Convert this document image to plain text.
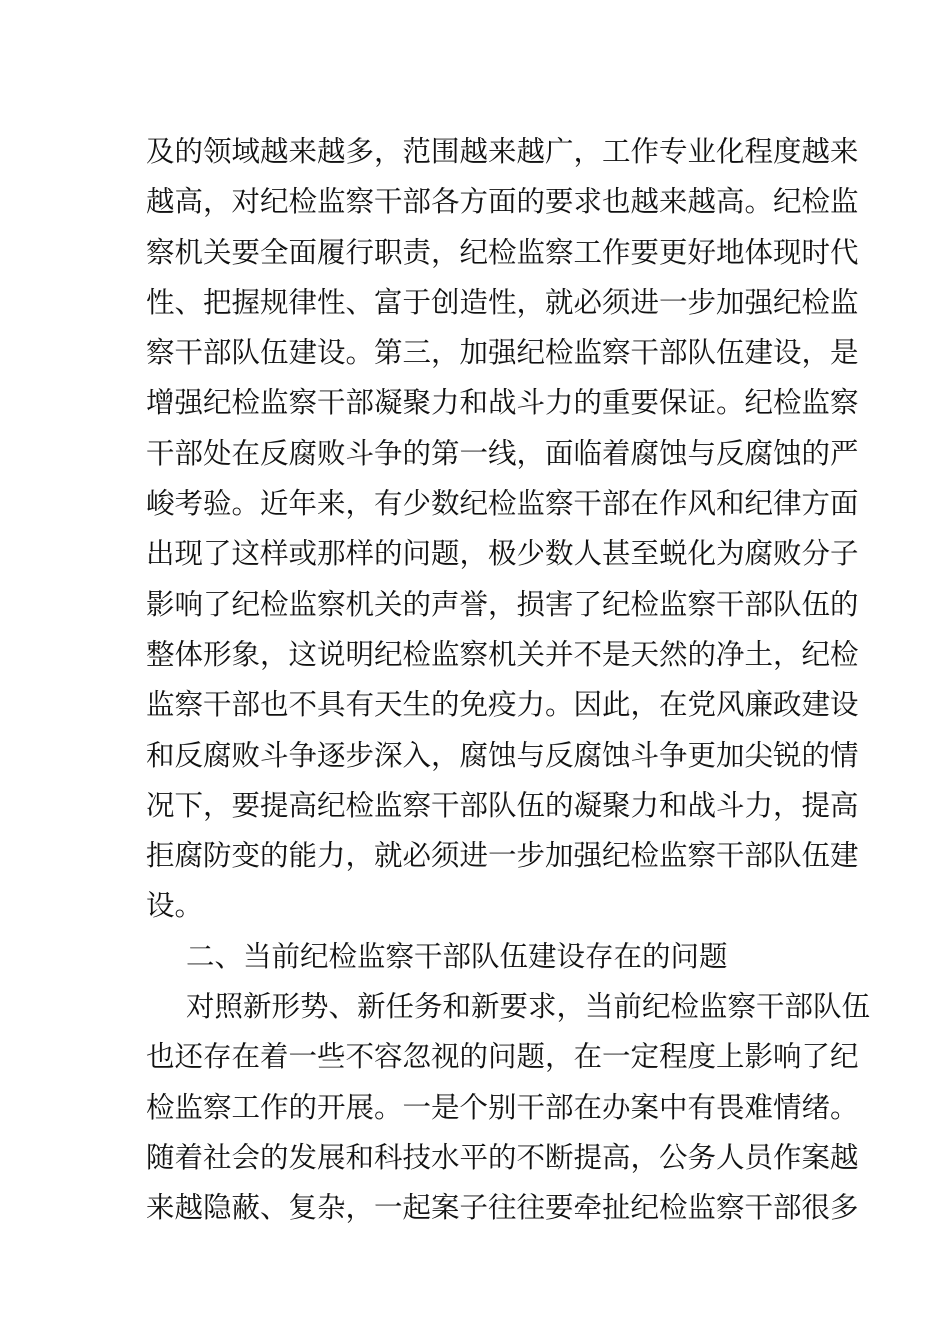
及的领域越来越多，范围越来越广，工作专业化程度越来
越高，对纪检监察干部各方面的要求也越来越高。纪检监
察机关要全面履行职责，纪检监察工作要更好地体现时代
性、把握规律性、富于创造性，就必须进一步加强纪检监
察干部队伍建设。第三，加强纪检监察干部队伍建设，是
增强纪检监察干部凝聚力和战斗力的重要保证。纪检监察
干部处在反腐败斗争的第一线，面临着腐蚀与反腐蚀的严
峻考验。近年来，有少数纪检监察干部在作风和纪律方面
出现了这样或那样的问题，极少数人甚至蜕化为腐败分子
影响了纪检监察机关的声誉，损害了纪检监察干部队伍的
整体形象，这说明纪检监察机关并不是天然的净土，纪检
监察干部也不具有天生的免疫力。因此，在党风廉政建设
和反腐败斗争逐步深入，腐蚀与反腐蚀斗争更加尖锐的情
况下，要提高纪检监察干部队伍的凝聚力和战斗力，提高
拒腐防变的能力，就必须进一步加强纪检监察干部队伍建
设。
二、当前纪检监察干部队伍建设存在的问题
对照新形势、新任务和新要求，当前纪检监察干部队伍
也还存在着一些不容忽视的问题，在一定程度上影响了纪
检监察工作的开展。一是个别干部在办案中有畏难情绪。
随着社会的发展和科技水平的不断提高，公务人员作案越
来越隐蔽、复杂，一起案子往往要牵扯纪检监察干部很多
